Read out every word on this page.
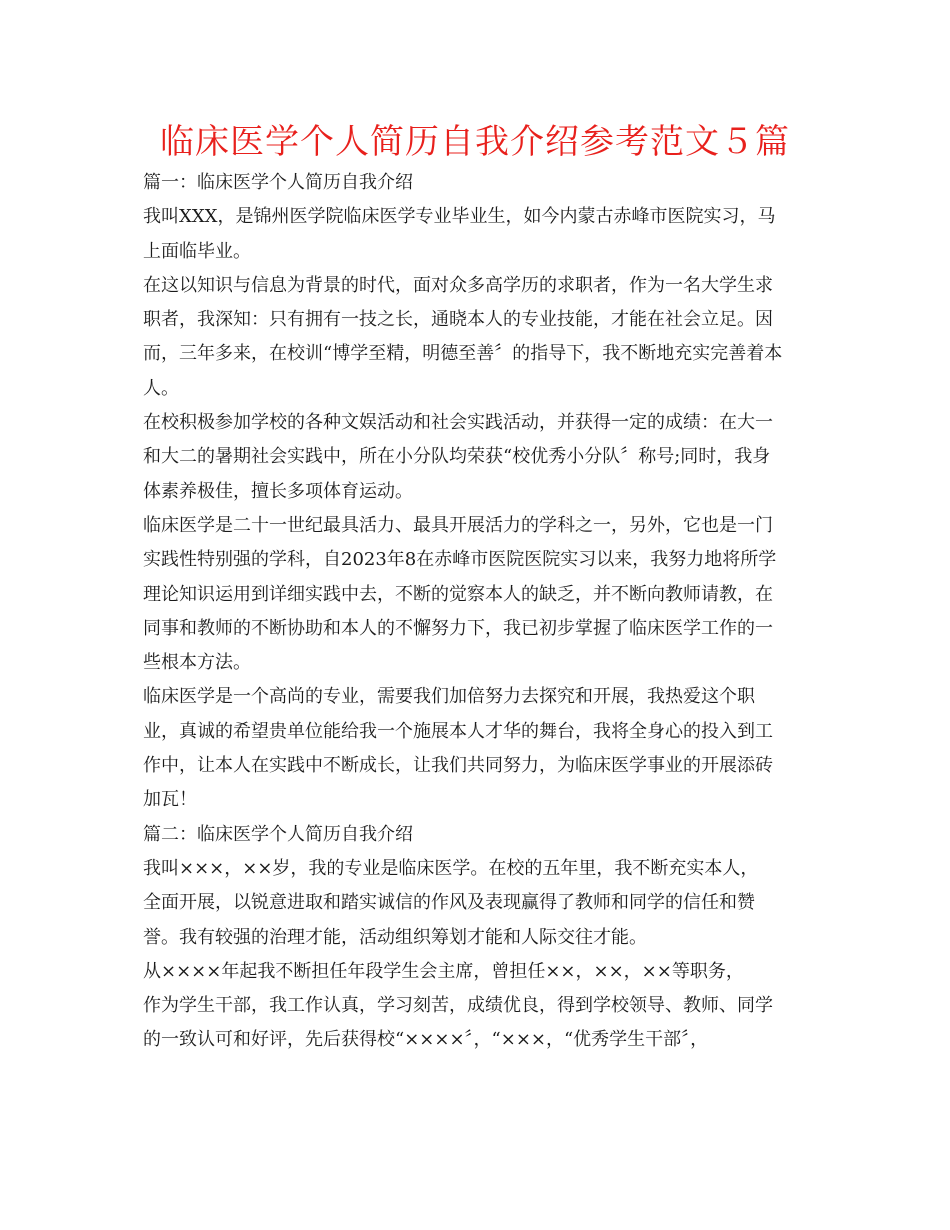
临床医学个人简历自我介绍参考范文５篇
篇一：临床医学个人简历自我介绍
我叫XXX，是锦州医学院临床医学专业毕业生，如今内蒙古赤峰市医院实习，马
上面临毕业。
在这以知识与信息为背景的时代，面对众多高学历的求职者，作为一名大学生求
职者，我深知：只有拥有一技之长，通晓本人的专业技能，才能在社会立足。因
而，三年多来，在校训“博学至精，明德至善〞的指导下，我不断地充实完善着本
人。
在校积极参加学校的各种文娱活动和社会实践活动，并获得一定的成绩：在大一
和大二的暑期社会实践中，所在小分队均荣获“校优秀小分队〞称号;同时，我身
体素养极佳，擅长多项体育运动。
临床医学是二十一世纪最具活力、最具开展活力的学科之一，另外，它也是一门
实践性特别强的学科，自2023年8在赤峰市医院医院实习以来，我努力地将所学
理论知识运用到详细实践中去，不断的觉察本人的缺乏，并不断向教师请教，在
同事和教师的不断协助和本人的不懈努力下，我已初步掌握了临床医学工作的一
些根本方法。
临床医学是一个高尚的专业，需要我们加倍努力去探究和开展，我热爱这个职
业，真诚的希望贵单位能给我一个施展本人才华的舞台，我将全身心的投入到工
作中，让本人在实践中不断成长，让我们共同努力，为临床医学事业的开展添砖
加瓦！
篇二：临床医学个人简历自我介绍
我叫×××，××岁，我的专业是临床医学。在校的五年里，我不断充实本人，
全面开展，以锐意进取和踏实诚信的作风及表现赢得了教师和同学的信任和赞
誉。我有较强的治理才能，活动组织筹划才能和人际交往才能。
从××××年起我不断担任年段学生会主席，曾担任××，××，××等职务，
作为学生干部，我工作认真，学习刻苦，成绩优良，得到学校领导、教师、同学
的一致认可和好评，先后获得校“××××〞，“×××，“优秀学生干部〞，
